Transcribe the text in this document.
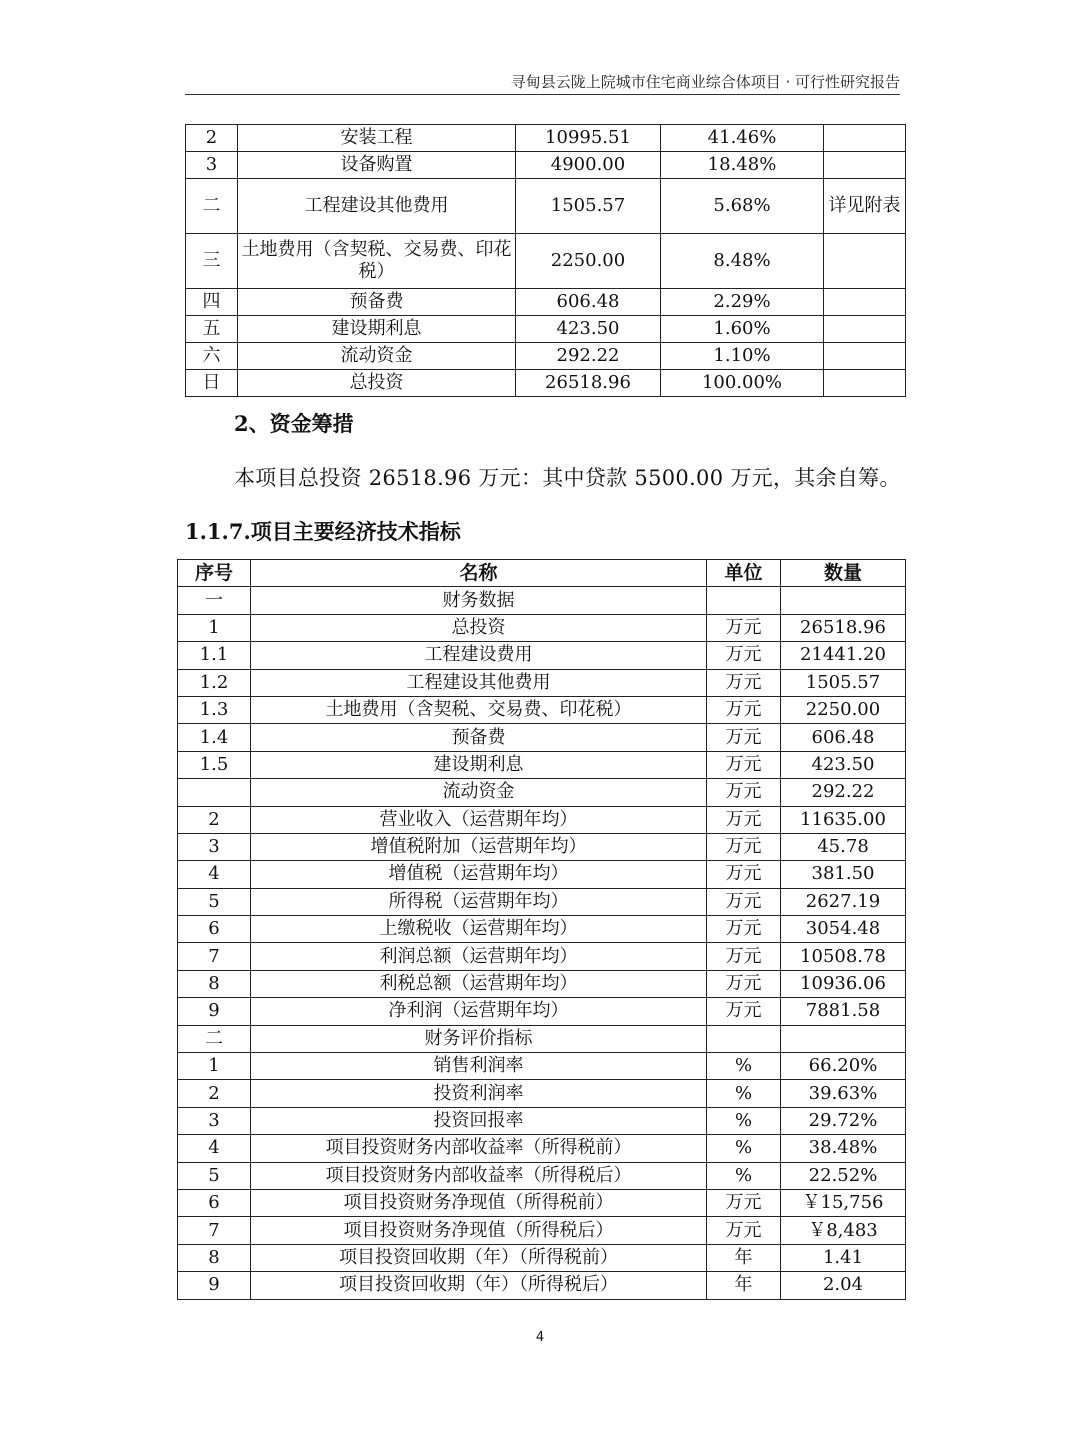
寻甸县云陇上院城市住宅商业综合体项目 · 可行性研究报告
2	安装工程	10995.51	41.46%	
3	设备购置	4900.00	18.48%	
二	工程建设其他费用	1505.57	5.68%	详见附表
三	土地费用（含契税、交易费、印花税）	2250.00	8.48%	
四	预备费	606.48	2.29%	
五	建设期利息	423.50	1.60%	
六	流动资金	292.22	1.10%	
日	总投资	26518.96	100.00%	
2、资金筹措
本项目总投资 26518.96 万元：其中贷款 5500.00 万元，其余自筹。
1.1.7.项目主要经济技术指标
序号	名称	单位	数量
一	财务数据		
1	总投资	万元	26518.96
1.1	工程建设费用	万元	21441.20
1.2	工程建设其他费用	万元	1505.57
1.3	土地费用（含契税、交易费、印花税）	万元	2250.00
1.4	预备费	万元	606.48
1.5	建设期利息	万元	423.50
	流动资金	万元	292.22
2	营业收入（运营期年均）	万元	11635.00
3	增值税附加（运营期年均）	万元	45.78
4	增值税（运营期年均）	万元	381.50
5	所得税（运营期年均）	万元	2627.19
6	上缴税收（运营期年均）	万元	3054.48
7	利润总额（运营期年均）	万元	10508.78
8	利税总额（运营期年均）	万元	10936.06
9	净利润（运营期年均）	万元	7881.58
二	财务评价指标		
1	销售利润率	%	66.20%
2	投资利润率	%	39.63%
3	投资回报率	%	29.72%
4	项目投资财务内部收益率（所得税前）	%	38.48%
5	项目投资财务内部收益率（所得税后）	%	22.52%
6	项目投资财务净现值（所得税前）	万元	￥15,756
7	项目投资财务净现值（所得税后）	万元	￥8,483
8	项目投资回收期（年）（所得税前）	年	1.41
9	项目投资回收期（年）（所得税后）	年	2.04
4
